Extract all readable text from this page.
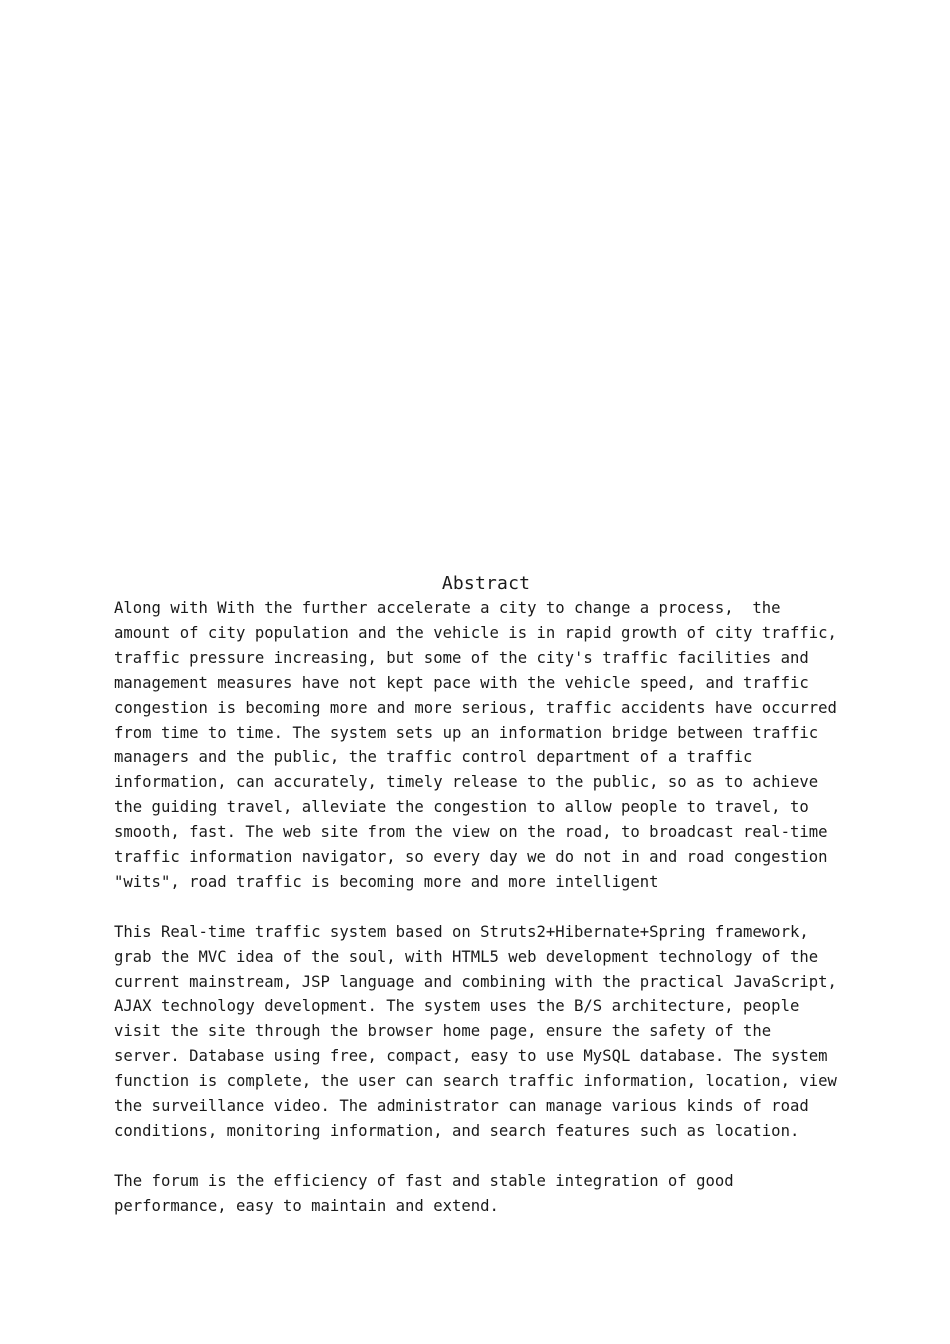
Abstract

Along with With the further accelerate a city to change a process,  the
amount of city population and the vehicle is in rapid growth of city traffic,
traffic pressure increasing, but some of the city's traffic facilities and
management measures have not kept pace with the vehicle speed, and traffic
congestion is becoming more and more serious, traffic accidents have occurred
from time to time. The system sets up an information bridge between traffic
managers and the public, the traffic control department of a traffic
information, can accurately, timely release to the public, so as to achieve
the guiding travel, alleviate the congestion to allow people to travel, to
smooth, fast. The web site from the view on the road, to broadcast real-time
traffic information navigator, so every day we do not in and road congestion
"wits", road traffic is becoming more and more intelligent

This Real-time traffic system based on Struts2+Hibernate+Spring framework,
grab the MVC idea of the soul, with HTML5 web development technology of the
current mainstream, JSP language and combining with the practical JavaScript,
AJAX technology development. The system uses the B/S architecture, people
visit the site through the browser home page, ensure the safety of the
server. Database using free, compact, easy to use MySQL database. The system
function is complete, the user can search traffic information, location, view
the surveillance video. The administrator can manage various kinds of road
conditions, monitoring information, and search features such as location.

The forum is the efficiency of fast and stable integration of good
performance, easy to maintain and extend.
